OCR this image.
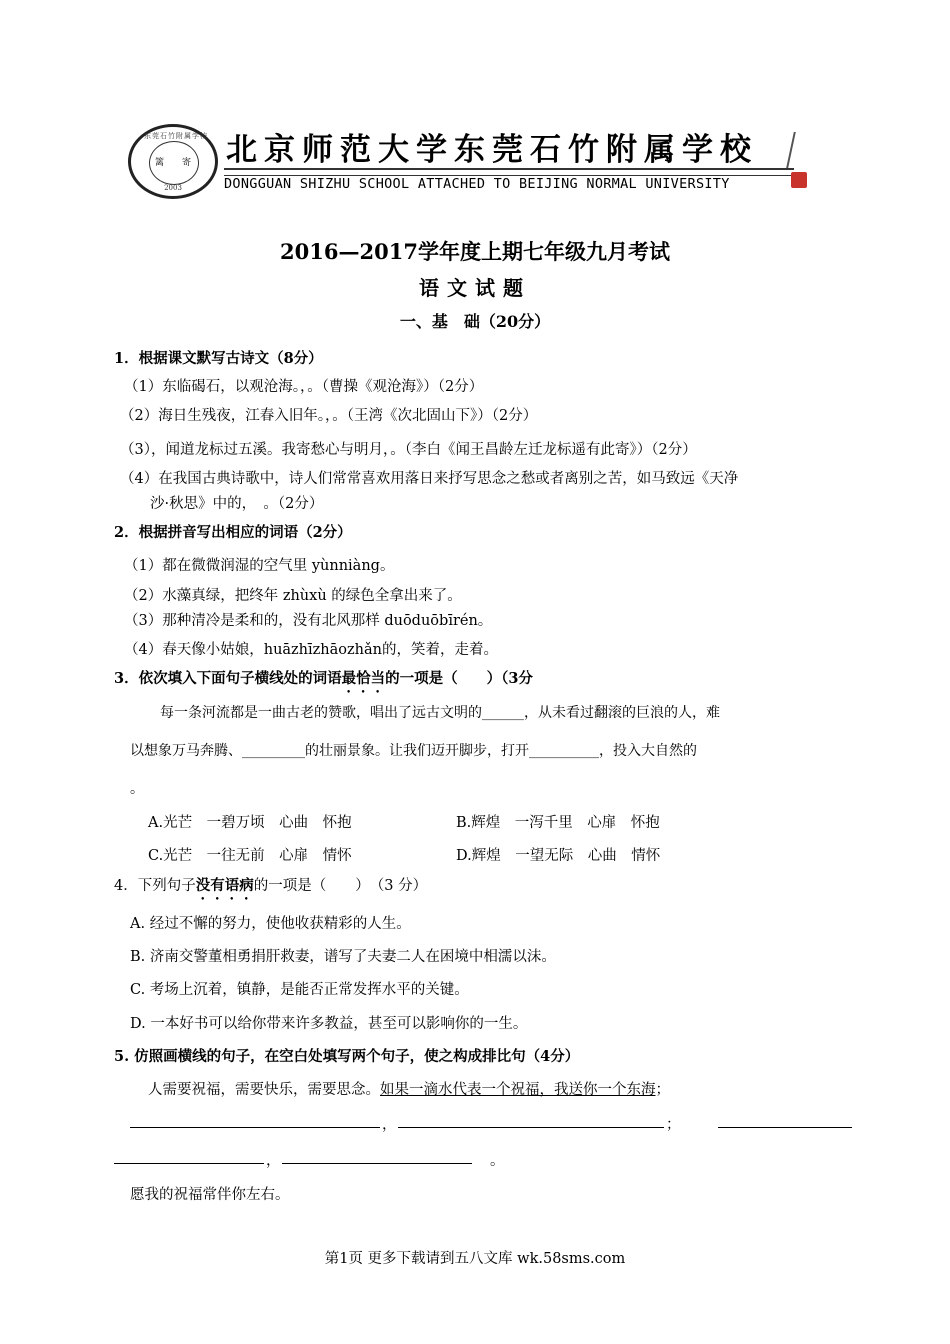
东莞石竹附属学校
篱 寄
2003
北京师范大学东莞石竹附属学校
DONGGUAN SHIZHU SCHOOL ATTACHED TO BEIJING NORMAL UNIVERSITY
2016—2017学年度上期七年级九月考试
语文试题
一、基　础（20分）
1．根据课文默写古诗文（8分）
（1）东临碣石，以观沧海。，。（曹操《观沧海》）（2分）
（2）海日生残夜，江春入旧年。，。（王湾《次北固山下》）（2分）
（3），闻道龙标过五溪。我寄愁心与明月，。（李白《闻王昌龄左迁龙标遥有此寄》）（2分）
（4）在我国古典诗歌中，诗人们常常喜欢用落日来抒写思念之愁或者离别之苦，如马致远《天净
沙·秋思》中的，　。（2分）
2．根据拼音写出相应的词语（2分）
（1）都在微微润湿的空气里 yùnniàng。
（2）水藻真绿，把终年 zhùxù 的绿色全拿出来了。
（3）那种清冷是柔和的，没有北风那样 duōduōbīrén。
（4）春天像小姑娘，huāzhīzhāozhǎn的，笑着，走着。
3．依次填入下面句子横线处的词语最恰当的一项是（　　）（3分
每一条河流都是一曲古老的赞歌，唱出了远古文明的______，从未看过翻滚的巨浪的人，难
以想象万马奔腾、_________的壮丽景象。让我们迈开脚步，打开__________，投入大自然的
。
A.光芒　一碧万顷　心曲　怀抱	B.辉煌　一泻千里　心扉　怀抱
C.光芒　一往无前　心扉　情怀	D.辉煌　一望无际　心曲　情怀
4．下列句子没有语病的一项是（　　）　（3 分）
A. 经过不懈的努力，使他收获精彩的人生。
B. 济南交警董相勇捐肝救妻，谱写了夫妻二人在困境中相濡以沫。
C. 考场上沉着，镇静，是能否正常发挥水平的关键。
D. 一本好书可以给你带来许多教益，甚至可以影响你的一生。
5. 仿照画横线的句子，在空白处填写两个句子，使之构成排比句（4分）
人需要祝福，需要快乐，需要思念。如果一滴水代表一个祝福，我送你一个东海；
，	；
，	。
愿我的祝福常伴你左右。
第1页 更多下载请到五八文库 wk.58sms.com
